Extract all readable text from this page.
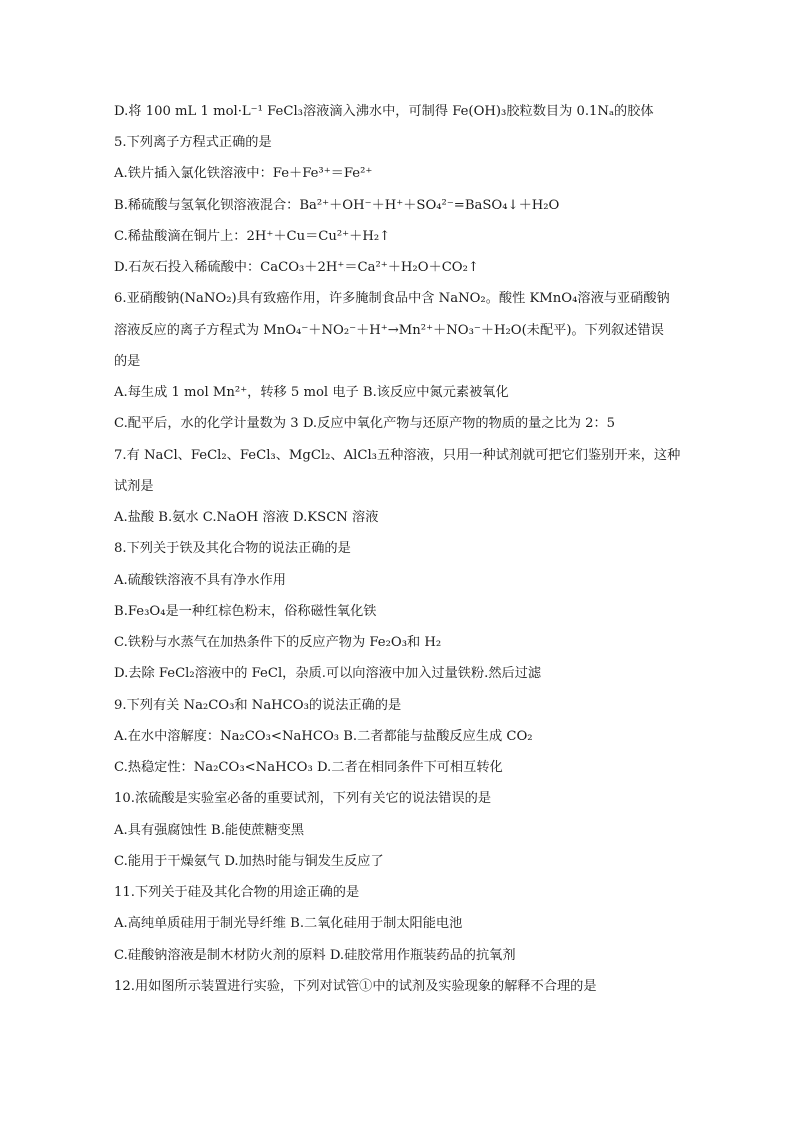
D.将 100 mL 1 mol·L⁻¹ FeCl₃溶液滴入沸水中，可制得 Fe(OH)₃胶粒数目为 0.1Nₐ的胶体
5.下列离子方程式正确的是
A.铁片插入氯化铁溶液中：Fe＋Fe³⁺＝Fe²⁺
B.稀硫酸与氢氧化钡溶液混合：Ba²⁺＋OH⁻＋H⁺＋SO₄²⁻=BaSO₄↓＋H₂O
C.稀盐酸滴在铜片上：2H⁺＋Cu＝Cu²⁺＋H₂↑
D.石灰石投入稀硫酸中：CaCO₃＋2H⁺＝Ca²⁺＋H₂O＋CO₂↑
6.亚硝酸钠(NaNO₂)具有致癌作用，许多腌制食品中含 NaNO₂。酸性 KMnO₄溶液与亚硝酸钠
溶液反应的离子方程式为 MnO₄⁻＋NO₂⁻＋H⁺→Mn²⁺＋NO₃⁻＋H₂O(未配平)。下列叙述错误
的是
A.每生成 1 mol Mn²⁺，转移 5 mol 电子 B.该反应中氮元素被氧化
C.配平后，水的化学计量数为 3 D.反应中氧化产物与还原产物的物质的量之比为 2：5
7.有 NaCl、FeCl₂、FeCl₃、MgCl₂、AlCl₃五种溶液，只用一种试剂就可把它们鉴别开来，这种
试剂是
A.盐酸 B.氨水 C.NaOH 溶液 D.KSCN 溶液
8.下列关于铁及其化合物的说法正确的是
A.硫酸铁溶液不具有净水作用
B.Fe₃O₄是一种红棕色粉末，俗称磁性氧化铁
C.铁粉与水蒸气在加热条件下的反应产物为 Fe₂O₃和 H₂
D.去除 FeCl₂溶液中的 FeCl，杂质.可以向溶液中加入过量铁粉.然后过滤
9.下列有关 Na₂CO₃和 NaHCO₃的说法正确的是
A.在水中溶解度：Na₂CO₃<NaHCO₃ B.二者都能与盐酸反应生成 CO₂
C.热稳定性：Na₂CO₃<NaHCO₃ D.二者在相同条件下可相互转化
10.浓硫酸是实验室必备的重要试剂，下列有关它的说法错误的是
A.具有强腐蚀性 B.能使蔗糖变黑
C.能用于干燥氨气 D.加热时能与铜发生反应了
11.下列关于硅及其化合物的用途正确的是
A.高纯单质硅用于制光导纤维 B.二氧化硅用于制太阳能电池
C.硅酸钠溶液是制木材防火剂的原料 D.硅胶常用作瓶装药品的抗氧剂
12.用如图所示装置进行实验，下列对试管①中的试剂及实验现象的解释不合理的是
